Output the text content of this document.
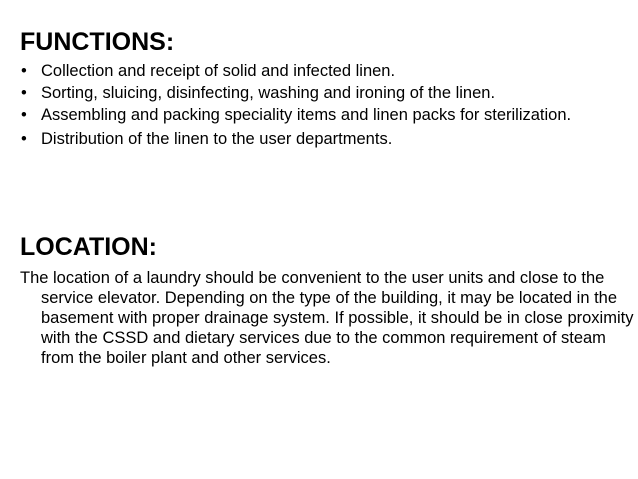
FUNCTIONS:
• Collection and receipt of solid and infected linen.
• Sorting, sluicing, disinfecting, washing and ironing of the linen.
• Assembling and packing speciality items and linen packs for sterilization.
• Distribution of the linen to the user departments.
LOCATION:

The location of a laundry should be convenient to the user units and close to the service elevator. Depending on the type of the building, it may be located in the basement with proper drainage system. If possible, it should be in close proximity with the CSSD and dietary services due to the common requirement of steam from the boiler plant and other services.
